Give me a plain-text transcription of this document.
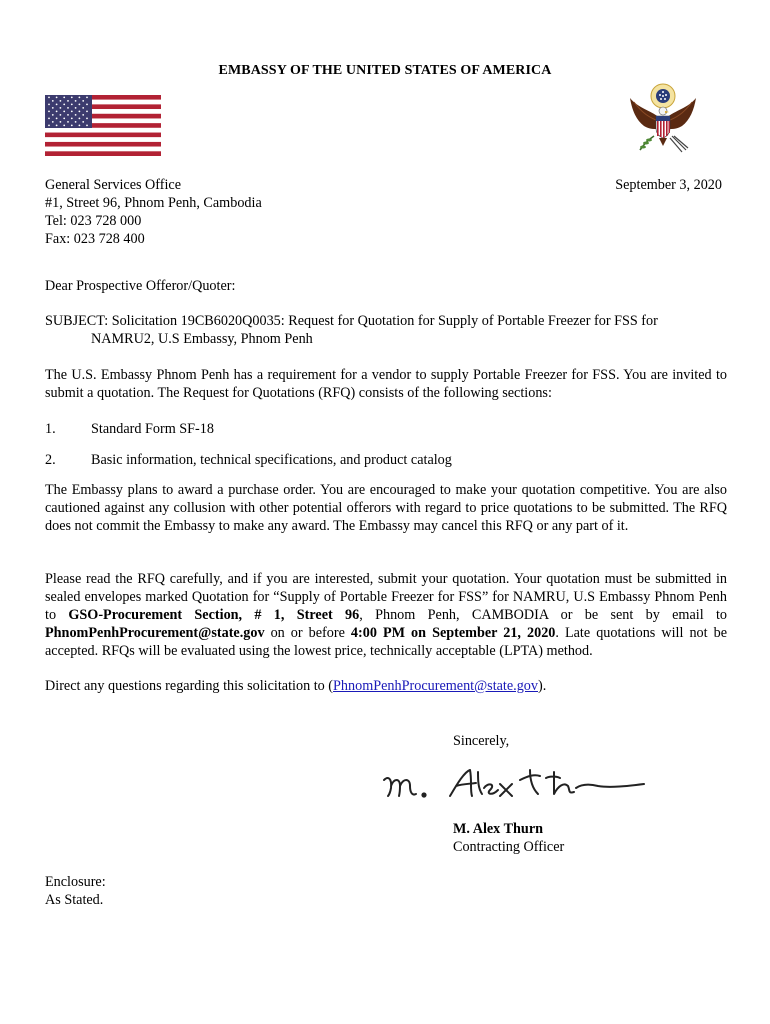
EMBASSY OF THE UNITED STATES OF AMERICA
General Services Office
#1, Street 96, Phnom Penh, Cambodia
Tel: 023 728 000
Fax: 023 728 400
September 3, 2020
Dear Prospective Offeror/Quoter:
SUBJECT: Solicitation 19CB6020Q0035: Request for Quotation for Supply of Portable Freezer for FSS for
NAMRU2, U.S Embassy, Phnom Penh
The U.S. Embassy Phnom Penh has a requirement for a vendor to supply Portable Freezer for FSS. You are invited to submit a quotation. The Request for Quotations (RFQ) consists of the following sections:
1. Standard Form SF-18
2. Basic information, technical specifications, and product catalog
The Embassy plans to award a purchase order. You are encouraged to make your quotation competitive. You are also cautioned against any collusion with other potential offerors with regard to price quotations to be submitted. The RFQ does not commit the Embassy to make any award. The Embassy may cancel this RFQ or any part of it.
Please read the RFQ carefully, and if you are interested, submit your quotation. Your quotation must be submitted in sealed envelopes marked Quotation for “Supply of Portable Freezer for FSS” for NAMRU, U.S Embassy Phnom Penh to GSO-Procurement Section, # 1, Street 96, Phnom Penh, CAMBODIA or be sent by email to PhnomPenhProcurement@state.gov on or before 4:00 PM on September 21, 2020. Late quotations will not be accepted. RFQs will be evaluated using the lowest price, technically acceptable (LPTA) method.
Direct any questions regarding this solicitation to (PhnomPenhProcurement@state.gov).
Sincerely,
M. Alex Thurn
Contracting Officer
Enclosure:
As Stated.
